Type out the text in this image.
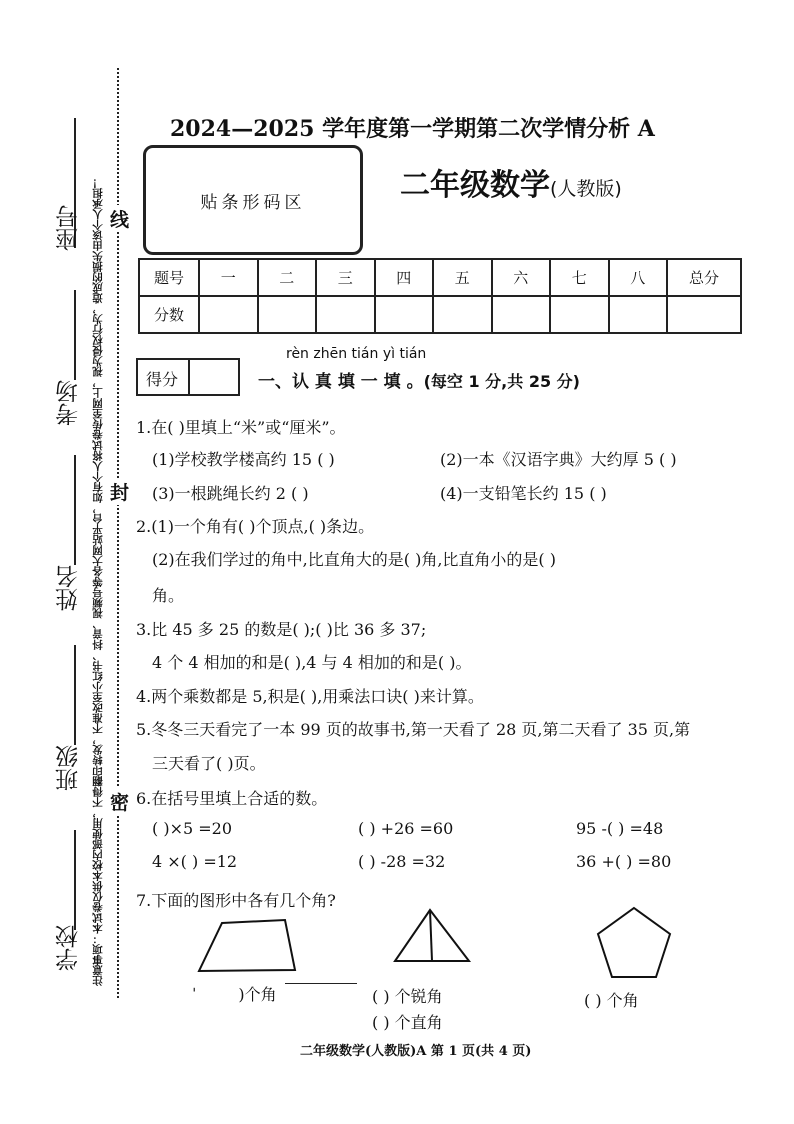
注意事项：本试卷仅供本校内部使用，不得翻印转发，不准改至小红书、抖音、视频号等各大网站平台，如有个人将试卷传至网上，视为侵权行为，造成的损失由该个人承担！
座号
考场
姓名
班级
学校
线
封
密
2024—2025 学年度第一学期第二次学情分析 A
贴条形码区	二年级数学(人教版)
题号	一	二	三	四	五	六	七	八	总分
分数									
得分
rèn zhēn tián yì tián
一、认 真 填 一 填 。(每空 1 分,共 25 分)
1.在( )里填上“米”或“厘米”。
(1)学校教学楼高约 15 ( )	(2)一本《汉语字典》大约厚 5 ( )
(3)一根跳绳长约 2 ( )	(4)一支铅笔长约 15 ( )
2.(1)一个角有( )个顶点,( )条边。
(2)在我们学过的角中,比直角大的是( )角,比直角小的是( )
角。
3.比 45 多 25 的数是( );( )比 36 多 37;
4 个 4 相加的和是( ),4 与 4 相加的和是( )。
4.两个乘数都是 5,积是( ),用乘法口诀( )来计算。
5.冬冬三天看完了一本 99 页的故事书,第一天看了 28 页,第二天看了 35 页,第
三天看了( )页。
6.在括号里填上合适的数。
( )×5 =20	( ) +26 =60	95 -( ) =48
4 ×( ) =12	( ) -28 =32	36 +( ) =80
7.下面的图形中各有几个角?
ˈ	)个角	( ) 个锐角
( ) 个直角
( ) 个角
二年级数学(人教版)A 第 1 页(共 4 页)
